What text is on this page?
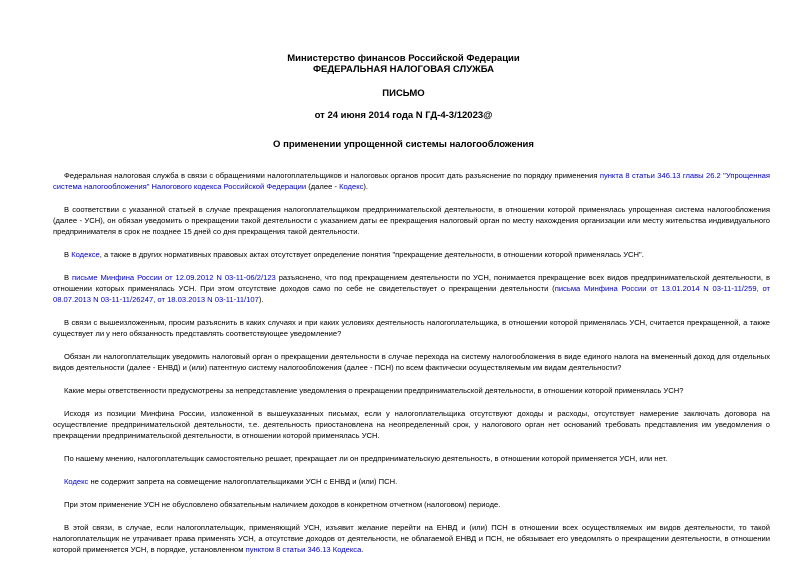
Министерство финансов Российской Федерации
ФЕДЕРАЛЬНАЯ НАЛОГОВАЯ СЛУЖБА
ПИСЬМО
от 24 июня 2014 года N ГД-4-3/12023@
О применении упрощенной системы налогообложения

Федеральная налоговая служба в связи с обращениями налогоплательщиков и налоговых органов просит дать разъяснение по порядку применения пункта 8 статьи 346.13 главы 26.2 "Упрощенная система налогообложения" Налогового кодекса Российской Федерации (далее - Кодекс).

В соответствии с указанной статьей в случае прекращения налогоплательщиком предпринимательской деятельности, в отношении которой применялась упрощенная система налогообложения (далее - УСН), он обязан уведомить о прекращении такой деятельности с указанием даты ее прекращения налоговый орган по месту нахождения организации или месту жительства индивидуального предпринимателя в срок не позднее 15 дней со дня прекращения такой деятельности.

В Кодексе, а также в других нормативных правовых актах отсутствует определение понятия "прекращение деятельности, в отношении которой применялась УСН".

В письме Минфина России от 12.09.2012 N 03-11-06/2/123 разъяснено, что под прекращением деятельности по УСН, понимается прекращение всех видов предпринимательской деятельности, в отношении которых применялась УСН. При этом отсутствие доходов само по себе не свидетельствует о прекращении деятельности (письма Минфина России от 13.01.2014 N 03-11-11/259, от 08.07.2013 N 03-11-11/26247, от 18.03.2013 N 03-11-11/107).

В связи с вышеизложенным, просим разъяснить в каких случаях и при каких условиях деятельность налогоплательщика, в отношении которой применялась УСН, считается прекращенной, а также существует ли у него обязанность представлять соответствующее уведомление?

Обязан ли налогоплательщик уведомить налоговый орган о прекращении деятельности в случае перехода на систему налогообложения в виде единого налога на вмененный доход для отдельных видов деятельности (далее - ЕНВД) и (или) патентную систему налогообложения (далее - ПСН) по всем фактически осуществляемым им видам деятельности?

Какие меры ответственности предусмотрены за непредставление уведомления о прекращении предпринимательской деятельности, в отношении которой применялась УСН?

Исходя из позиции Минфина России, изложенной в вышеуказанных письмах, если у налогоплательщика отсутствуют доходы и расходы, отсутствует намерение заключать договора на осуществление предпринимательской деятельности, т.е. деятельность приостановлена на неопределенный срок, у налогового орган нет оснований требовать представления им уведомления о прекращении предпринимательской деятельности, в отношении которой применялась УСН.

По нашему мнению, налогоплательщик самостоятельно решает, прекращает ли он предпринимательскую деятельность, в отношении которой применяется УСН, или нет.

Кодекс не содержит запрета на совмещение налогоплательщиками УСН с ЕНВД и (или) ПСН.

При этом применение УСН не обусловлено обязательным наличием доходов в конкретном отчетном (налоговом) периоде.

В этой связи, в случае, если налогоплательщик, применяющий УСН, изъявит желание перейти на ЕНВД и (или) ПСН в отношении всех осуществляемых им видов деятельности, то такой налогоплательщик не утрачивает права применять УСН, а отсутствие доходов от деятельности, не облагаемой ЕНВД и ПСН, не обязывает его уведомлять о прекращении деятельности, в отношении которой применяется УСН, в порядке, установленном пунктом 8 статьи 346.13 Кодекса.
